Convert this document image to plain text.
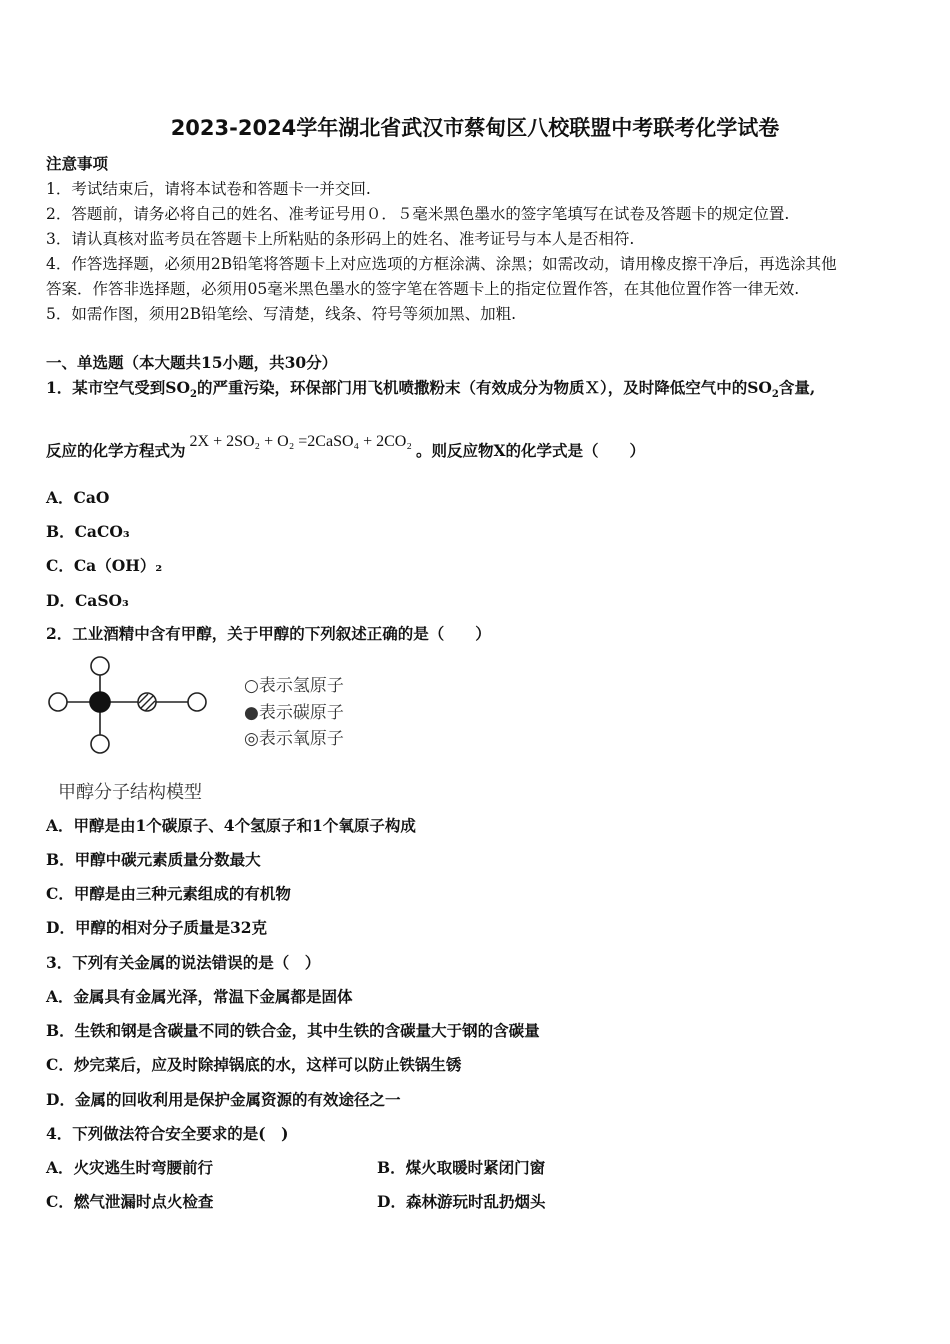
2023-2024学年湖北省武汉市蔡甸区八校联盟中考联考化学试卷
注意事项
1．考试结束后，请将本试卷和答题卡一并交回.
2．答题前，请务必将自己的姓名、准考证号用０．５毫米黑色墨水的签字笔填写在试卷及答题卡的规定位置.
3．请认真核对监考员在答题卡上所粘贴的条形码上的姓名、准考证号与本人是否相符.
4．作答选择题，必须用2B铅笔将答题卡上对应选项的方框涂满、涂黑；如需改动，请用橡皮擦干净后，再选涂其他
答案．作答非选择题，必须用05毫米黑色墨水的签字笔在答题卡上的指定位置作答，在其他位置作答一律无效.
5．如需作图，须用2B铅笔绘、写清楚，线条、符号等须加黑、加粗.
一、单选题（本大题共15小题，共30分）
1．某市空气受到$SO_2$的严重污染，环保部门用飞机喷撒粉末（有效成分为物质Ｘ），及时降低空气中的$SO_2$含量,
反应的化学方程式为 2X + 2SO₂ + O₂ =2CaSO₄ + 2CO₂ 。则反应物X的化学式是（　　）
A．CaO
B．CaCO₃
C．Ca（OH）₂
D．CaSO₃
2．工业酒精中含有甲醇，关于甲醇的下列叙述正确的是（　　）
○表示氢原子
●表示碳原子
◎表示氧原子
甲醇分子结构模型
A．甲醇是由1个碳原子、4个氢原子和1个氧原子构成
B．甲醇中碳元素质量分数最大
C．甲醇是由三种元素组成的有机物
D．甲醇的相对分子质量是32克
3．下列有关金属的说法错误的是（　）
A．金属具有金属光泽，常温下金属都是固体
B．生铁和钢是含碳量不同的铁合金，其中生铁的含碳量大于钢的含碳量
C．炒完菜后，应及时除掉锅底的水，这样可以防止铁锅生锈
D．金属的回收利用是保护金属资源的有效途径之一
4．下列做法符合安全要求的是(　)
A．火灾逃生时弯腰前行	B．煤火取暖时紧闭门窗
C．燃气泄漏时点火检查	D．森林游玩时乱扔烟头
